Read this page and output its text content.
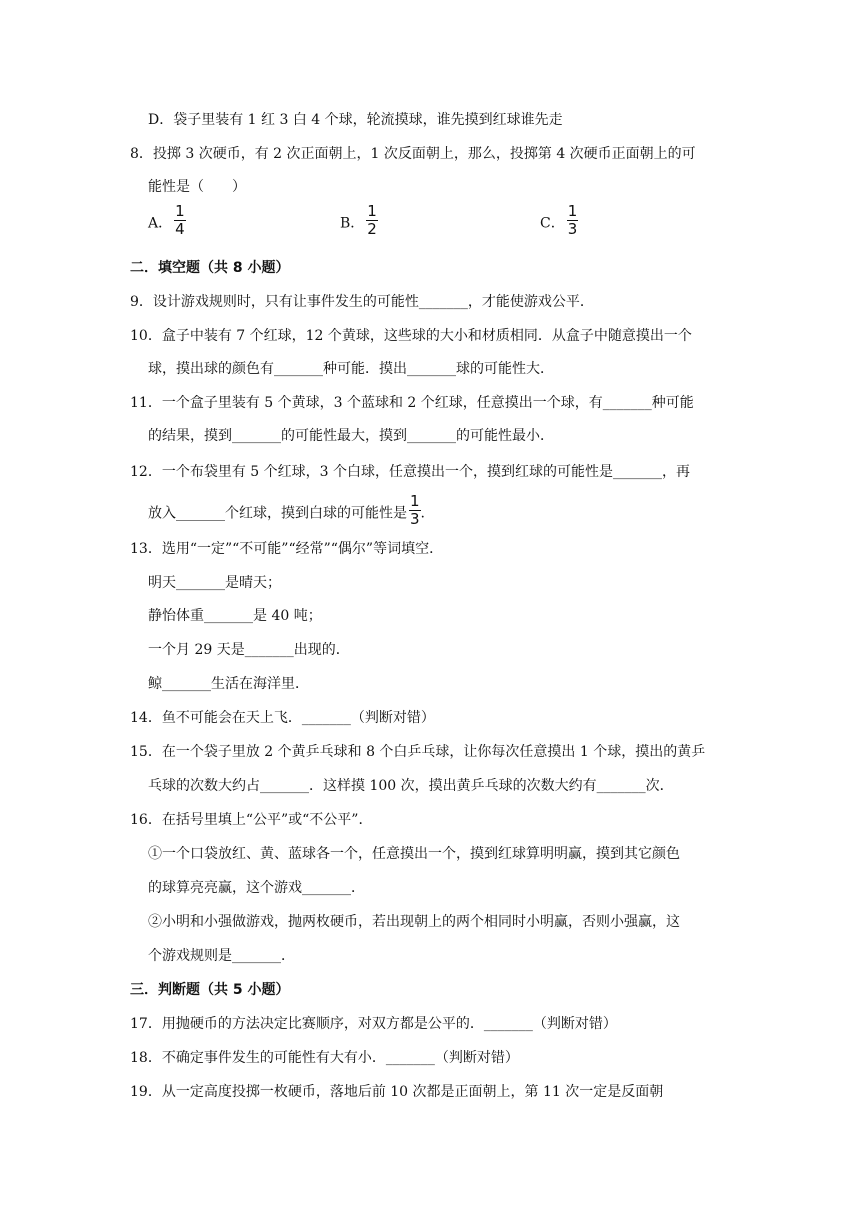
D．袋子里装有 1 红 3 白 4 个球，轮流摸球，谁先摸到红球谁先走
8．投掷 3 次硬币，有 2 次正面朝上，1 次反面朝上，那么，投掷第 4 次硬币正面朝上的可
能性是（　　）
A． $\frac{1}{4}$	B． $\frac{1}{2}$	C． $\frac{1}{3}$
二．填空题（共 8 小题）
9．设计游戏规则时，只有让事件发生的可能性_______，才能使游戏公平．
10．盒子中装有 7 个红球，12 个黄球，这些球的大小和材质相同．从盒子中随意摸出一个
球，摸出球的颜色有_______种可能．摸出_______球的可能性大．
11．一个盒子里装有 5 个黄球，3 个蓝球和 2 个红球，任意摸出一个球，有_______种可能
的结果，摸到_______的可能性最大，摸到_______的可能性最小．
12．一个布袋里有 5 个红球，3 个白球，任意摸出一个，摸到红球的可能性是_______，再
放入_______个红球，摸到白球的可能性是 $\frac{1}{3}$ .
13．选用“一定”“不可能”“经常”“偶尔”等词填空．
明天_______是晴天；
静怡体重_______是 40 吨；
一个月 29 天是_______出现的．
鲸_______生活在海洋里．
14．鱼不可能会在天上飞．_______（判断对错）
15．在一个袋子里放 2 个黄乒乓球和 8 个白乒乓球，让你每次任意摸出 1 个球，摸出的黄乒
乓球的次数大约占_______．这样摸 100 次，摸出黄乒乓球的次数大约有_______次．
16．在括号里填上“公平”或“不公平”．
①一个口袋放红、黄、蓝球各一个，任意摸出一个，摸到红球算明明赢，摸到其它颜色
的球算亮亮赢，这个游戏_______．
②小明和小强做游戏，抛两枚硬币，若出现朝上的两个相同时小明赢，否则小强赢，这
个游戏规则是_______．
三．判断题（共 5 小题）
17．用抛硬币的方法决定比赛顺序，对双方都是公平的．_______（判断对错）
18．不确定事件发生的可能性有大有小．_______（判断对错）
19．从一定高度投掷一枚硬币，落地后前 10 次都是正面朝上，第 11 次一定是反面朝
